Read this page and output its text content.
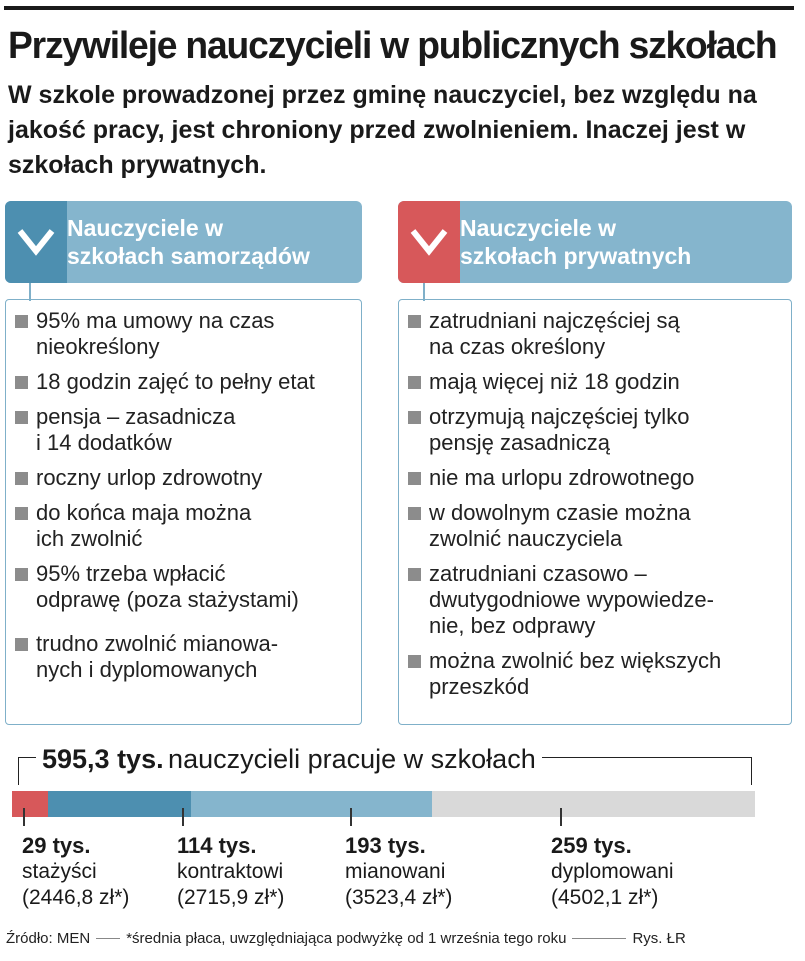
Przywileje nauczycieli w publicznych szkołach

W szkole prowadzonej przez gminę nauczyciel, bez względu na jakość pracy, jest chroniony przed zwolnieniem. Inaczej jest w szkołach prywatnych.

Nauczyciele w
szkołach samorządów
95% ma umowy na czas
nieokreślony
18 godzin zajęć to pełny etat
pensja – zasadnicza
i 14 dodatków
roczny urlop zdrowotny
do końca maja można
ich zwolnić
95% trzeba wpłacić
odprawę (poza stażystami)
trudno zwolnić mianowa-
nych i dyplomowanych
Nauczyciele w
szkołach prywatnych
zatrudniani najczęściej są
na czas określony
mają więcej niż 18 godzin
otrzymują najczęściej tylko
pensję zasadniczą
nie ma urlopu zdrowotnego
w dowolnym czasie można
zwolnić nauczyciela
zatrudniani czasowo –
dwutygodniowe wypowiedze-
nie, bez odprawy
można zwolnić bez większych
przeszkód
595,3 tys. nauczycieli pracuje w szkołach
29 tys.
stażyści
(2446,8 zł*)
114 tys.
kontraktowi
(2715,9 zł*)
193 tys.
mianowani
(3523,4 zł*)
259 tys.
dyplomowani
(4502,1 zł*)
Źródło: MEN *średnia płaca, uwzględniająca podwyżkę od 1 września tego roku	Rys. ŁR
